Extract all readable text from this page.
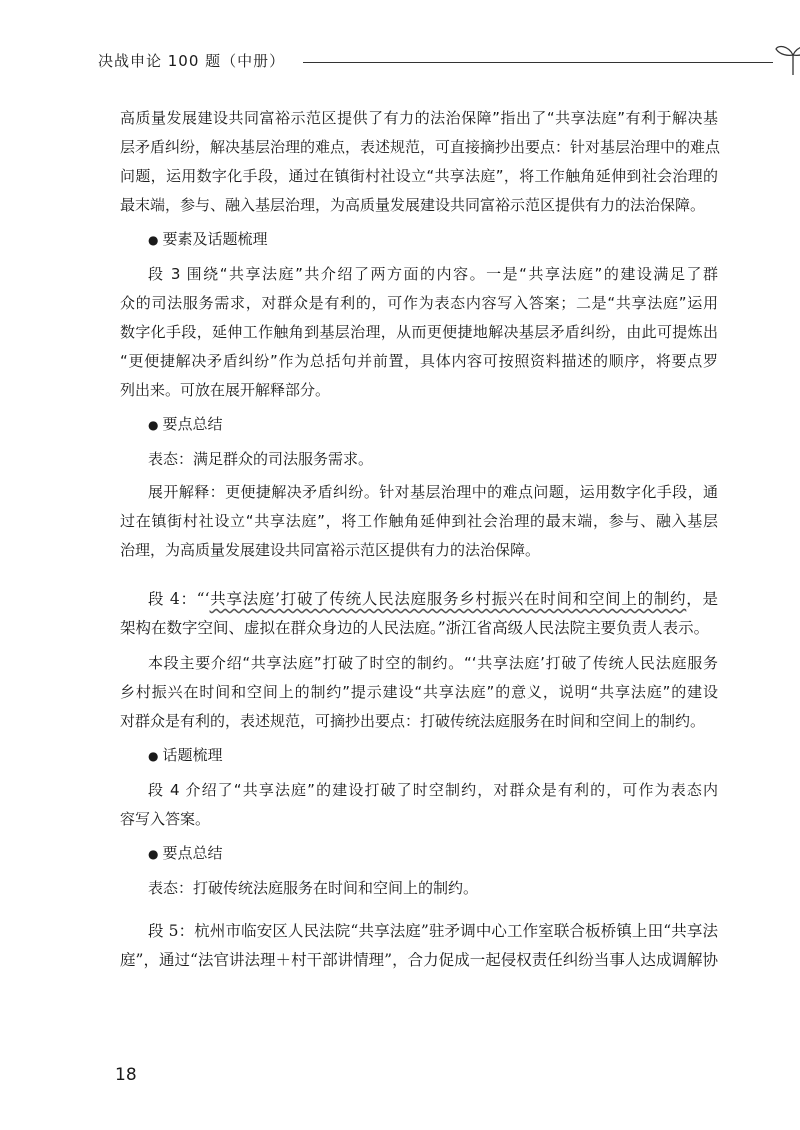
决战申论 100 题（中册）
高质量发展建设共同富裕示范区提供了有力的法治保障”指出了“共享法庭”有利于解决基
层矛盾纠纷，解决基层治理的难点，表述规范，可直接摘抄出要点：针对基层治理中的难点
问题，运用数字化手段，通过在镇街村社设立“共享法庭”，将工作触角延伸到社会治理的
最末端，参与、融入基层治理，为高质量发展建设共同富裕示范区提供有力的法治保障。
● 要素及话题梳理
段 3 围绕“共享法庭”共介绍了两方面的内容。一是“共享法庭”的建设满足了群
众的司法服务需求，对群众是有利的，可作为表态内容写入答案；二是“共享法庭”运用
数字化手段，延伸工作触角到基层治理，从而更便捷地解决基层矛盾纠纷，由此可提炼出
“更便捷解决矛盾纠纷”作为总括句并前置，具体内容可按照资料描述的顺序，将要点罗
列出来。可放在展开解释部分。
● 要点总结
表态：满足群众的司法服务需求。
展开解释：更便捷解决矛盾纠纷。针对基层治理中的难点问题，运用数字化手段，通
过在镇街村社设立“共享法庭”，将工作触角延伸到社会治理的最末端，参与、融入基层
治理，为高质量发展建设共同富裕示范区提供有力的法治保障。
段 4：“‘共享法庭’打破了传统人民法庭服务乡村振兴在时间和空间上的制约，是
架构在数字空间、虚拟在群众身边的人民法庭。”浙江省高级人民法院主要负责人表示。
本段主要介绍“共享法庭”打破了时空的制约。“‘共享法庭’打破了传统人民法庭服务
乡村振兴在时间和空间上的制约”提示建设“共享法庭”的意义，说明“共享法庭”的建设
对群众是有利的，表述规范，可摘抄出要点：打破传统法庭服务在时间和空间上的制约。
● 话题梳理
段 4 介绍了“共享法庭”的建设打破了时空制约，对群众是有利的，可作为表态内
容写入答案。
● 要点总结
表态：打破传统法庭服务在时间和空间上的制约。
段 5：杭州市临安区人民法院“共享法庭”驻矛调中心工作室联合板桥镇上田“共享法
庭”，通过“法官讲法理＋村干部讲情理”，合力促成一起侵权责任纠纷当事人达成调解协
18
